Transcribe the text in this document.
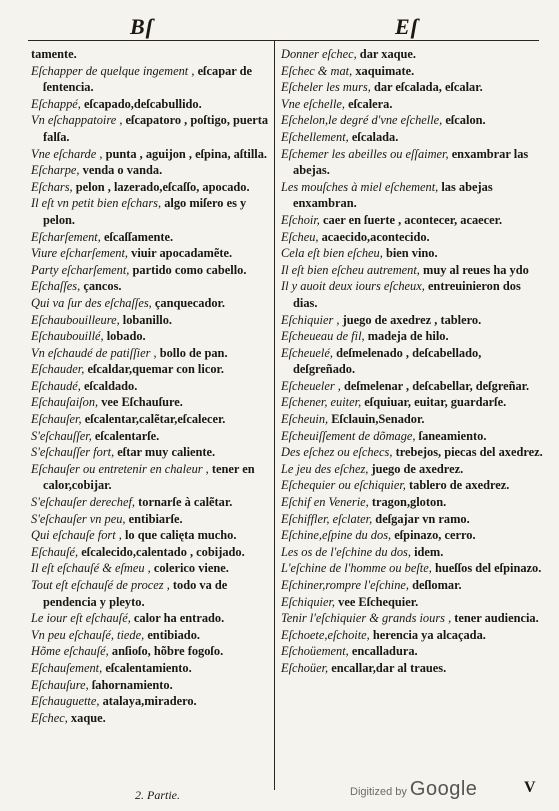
Bſ	Eſ

tamente.

Eſchapper de quelque ingement , eſcapar de ſentencia.

Eſchappé, eſcapado,deſcabullido.

Vn eſchappatoire , eſcapatoro , poſtigo, puerta falſa.

Vne eſcharde , punta , aguijon , eſpina, aſtilla.

Eſcharpe, venda o vanda.

Eſchars, pelon , lazerado,eſcaſſo, apocado.

Il eſt vn petit bien eſchars, algo miſero es y pelon.

Eſcharſement, eſcaſſamente.

Viure eſcharſement, viuir apocadamẽte.

Party eſcharſement, partido como cabello.

Eſchaſſes, çancos.

Qui va ſur des eſchaſſes, çanquecador.

Eſchaubouilleure, lobanillo.

Eſchaubouillé, lobado.

Vn eſchaudé de patiſſier , bollo de pan.

Eſchauder, eſcaldar,quemar con licor.

Eſchaudé, eſcaldado.

Eſchauſaiſon, vee Eſchauſure.

Eſchauſer, eſcalentar,calẽtar,eſcalecer.

S'eſchauſſer, eſcalentarſe.

S'eſchauſſer fort, eſtar muy caliente.

Eſchauſer ou entretenir en chaleur , tener en calor,cobijar.

S'eſchauſer derechef, tornarſe à calẽtar.

S'eſchauſer vn peu, entibiarſe.

Qui eſchauſe fort , lo que calięta mucho.

Eſchauſé, eſcalecido,calentado , cobijado.

Il eſt eſchauſé & eſmeu , colerico viene.

Tout eſt eſchauſé de procez , todo va de pendencia y pleyto.

Le iour eſt eſchauſé, calor ha entrado.

Vn peu eſchauſé, tiede, entibiado.

Hõme eſchauſé, anſioſo, hõbre fogoſo.

Eſchauſement, eſcalentamiento.

Eſchauſure, ſahornamiento.

Eſchauguette, atalaya,miradero.

Eſchec, xaque.

Donner eſchec, dar xaque.

Eſchec & mat, xaquimate.

Eſcheler les murs, dar eſcalada, eſcalar.

Vne eſchelle, eſcalera.

Eſchelon,le degré d'vne eſchelle, eſcalon.

Eſchellement, eſcalada.

Eſchemer les abeilles ou eſſaimer, enxambrar las abejas.

Les mouſches à miel eſchement, las abejas enxambran.

Eſchoir, caer en ſuerte , acontecer, acaecer.

Eſcheu, acaecido,acontecido.

Cela eſt bien eſcheu, bien vino.

Il eſt bien eſcheu autrement, muy al reues ha ydo

Il y auoit deux iours eſcheux, entreuinieron dos dias.

Eſchiquier , juego de axedrez , tablero.

Eſcheueau de fil, madeja de hilo.

Eſcheuelé, deſmelenado , deſcabellado, deſgreñado.

Eſcheueler , deſmelenar , deſcabellar, deſgreñar.

Eſchener, euiter, eſquiuar, euitar, guardarſe.

Eſcheuin, Eſclauin,Senador.

Eſcheuiſſement de dõmage, ſaneamiento.

Des eſchez ou eſchecs, trebejos, piecas del axedrez.

Le jeu des eſchez, juego de axedrez.

Eſchequier ou eſchiquier, tablero de axedrez.

Eſchif en Venerie, tragon,gloton.

Eſchiffler, eſclater, deſgajar vn ramo.

Eſchine,eſpine du dos, eſpinazo, cerro.

Les os de l'eſchine du dos, idem.

L'eſchine de l'homme ou beſte, hueſſos del eſpinazo.

Eſchiner,rompre l'eſchine, deſlomar.

Eſchiquier, vee Eſchequier.

Tenir l'eſchiquier & grands iours , tener audiencia.

Eſchoete,eſchoite, herencia ya alcaçada.

Eſchoüement, encalladura.

Eſchoüer, encallar,dar al traues.

2. Partie.	Digitized by Google	V
